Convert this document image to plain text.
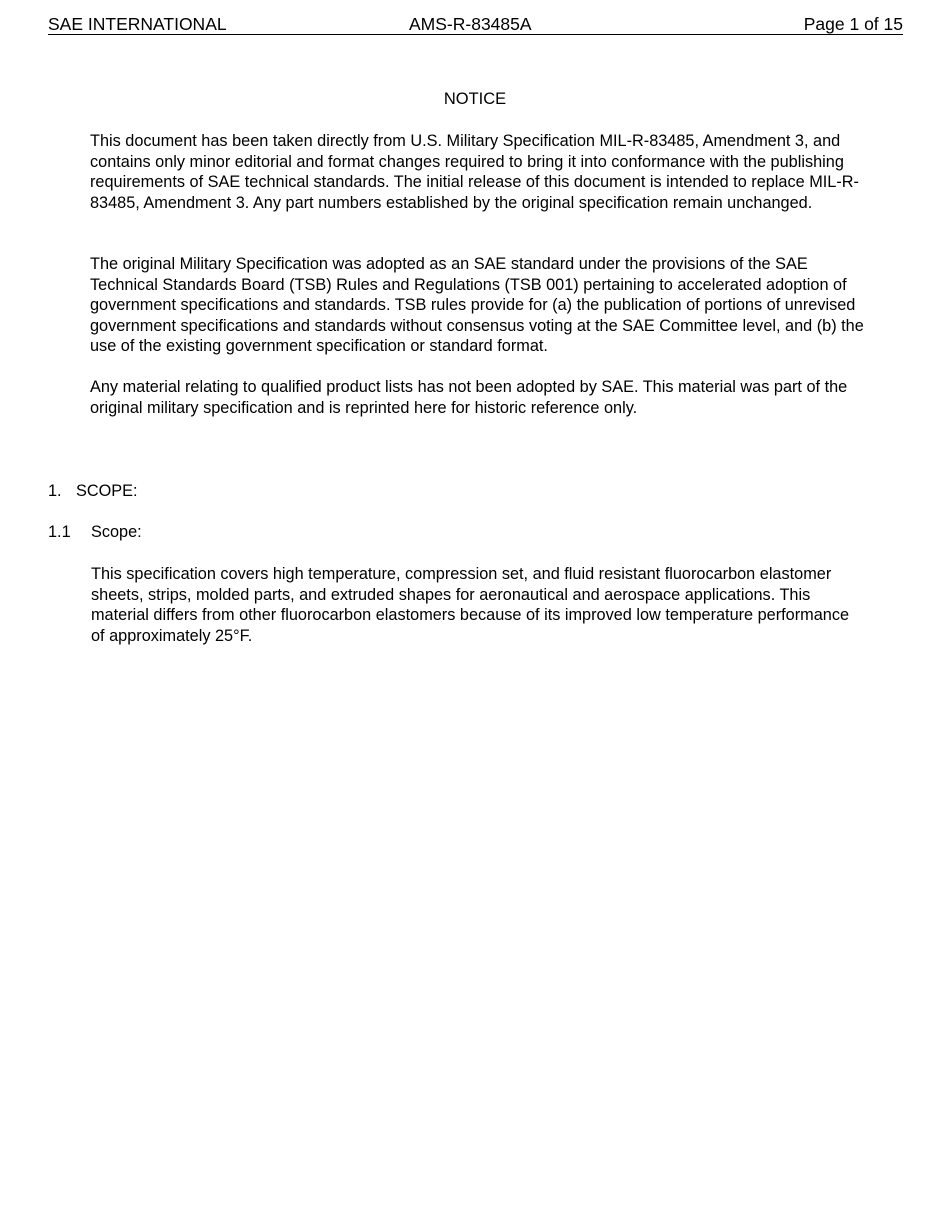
SAE INTERNATIONAL	AMS-R-83485A	Page 1 of 15
NOTICE

This document has been taken directly from U.S. Military Specification MIL-R-83485, Amendment 3, and contains only minor editorial and format changes required to bring it into conformance with the publishing requirements of SAE technical standards. The initial release of this document is intended to replace MIL-R-83485, Amendment 3. Any part numbers established by the original specification remain unchanged.

The original Military Specification was adopted as an SAE standard under the provisions of the SAE Technical Standards Board (TSB) Rules and Regulations (TSB 001) pertaining to accelerated adoption of government specifications and standards. TSB rules provide for (a) the publication of portions of unrevised government specifications and standards without consensus voting at the SAE Committee level, and (b) the use of the existing government specification or standard format.

Any material relating to qualified product lists has not been adopted by SAE. This material was part of the original military specification and is reprinted here for historic reference only.

1. SCOPE:
1.1 Scope:

This specification covers high temperature, compression set, and fluid resistant fluorocarbon elastomer sheets, strips, molded parts, and extruded shapes for aeronautical and aerospace applications. This material differs from other fluorocarbon elastomers because of its improved low temperature performance of approximately 25°F.
